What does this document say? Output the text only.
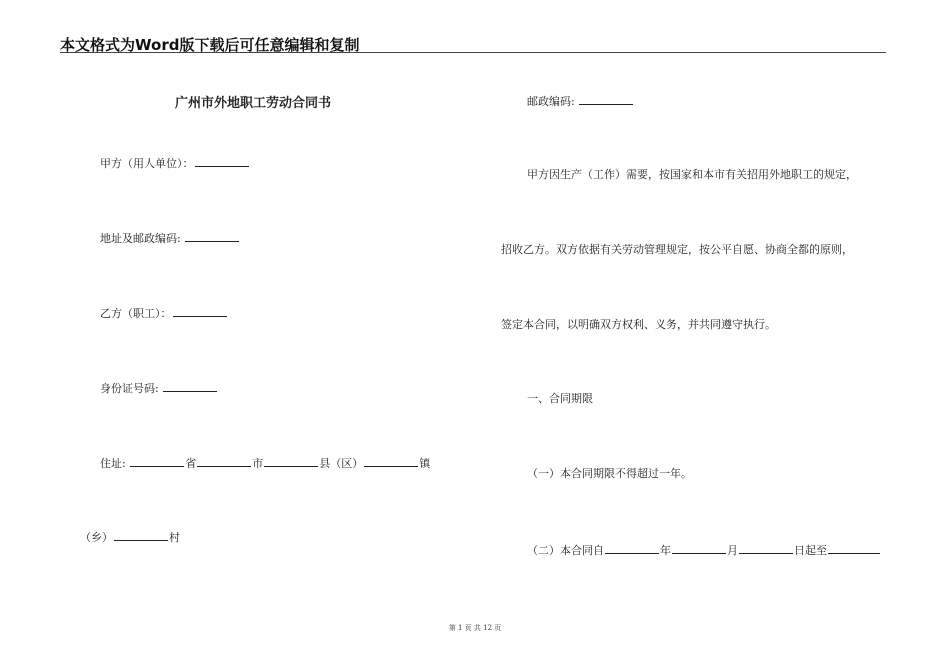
本文格式为Word版下载后可任意编辑和复制
广州市外地职工劳动合同书
甲方（用人单位）：
地址及邮政编码:
乙方（职工）：
身份证号码:
住址:	省	市	县（区）	镇
（乡）	村
邮政编码:
甲方因生产（工作）需要，按国家和本市有关招用外地职工的规定，
招收乙方。双方依据有关劳动管理规定，按公平自愿、协商全都的原则，
签定本合同，以明确双方权利、义务，并共同遵守执行。
一、合同期限
（一）本合同期限不得超过一年。
（二）本合同自	年	月	日起至
第 1 页 共 12 页
